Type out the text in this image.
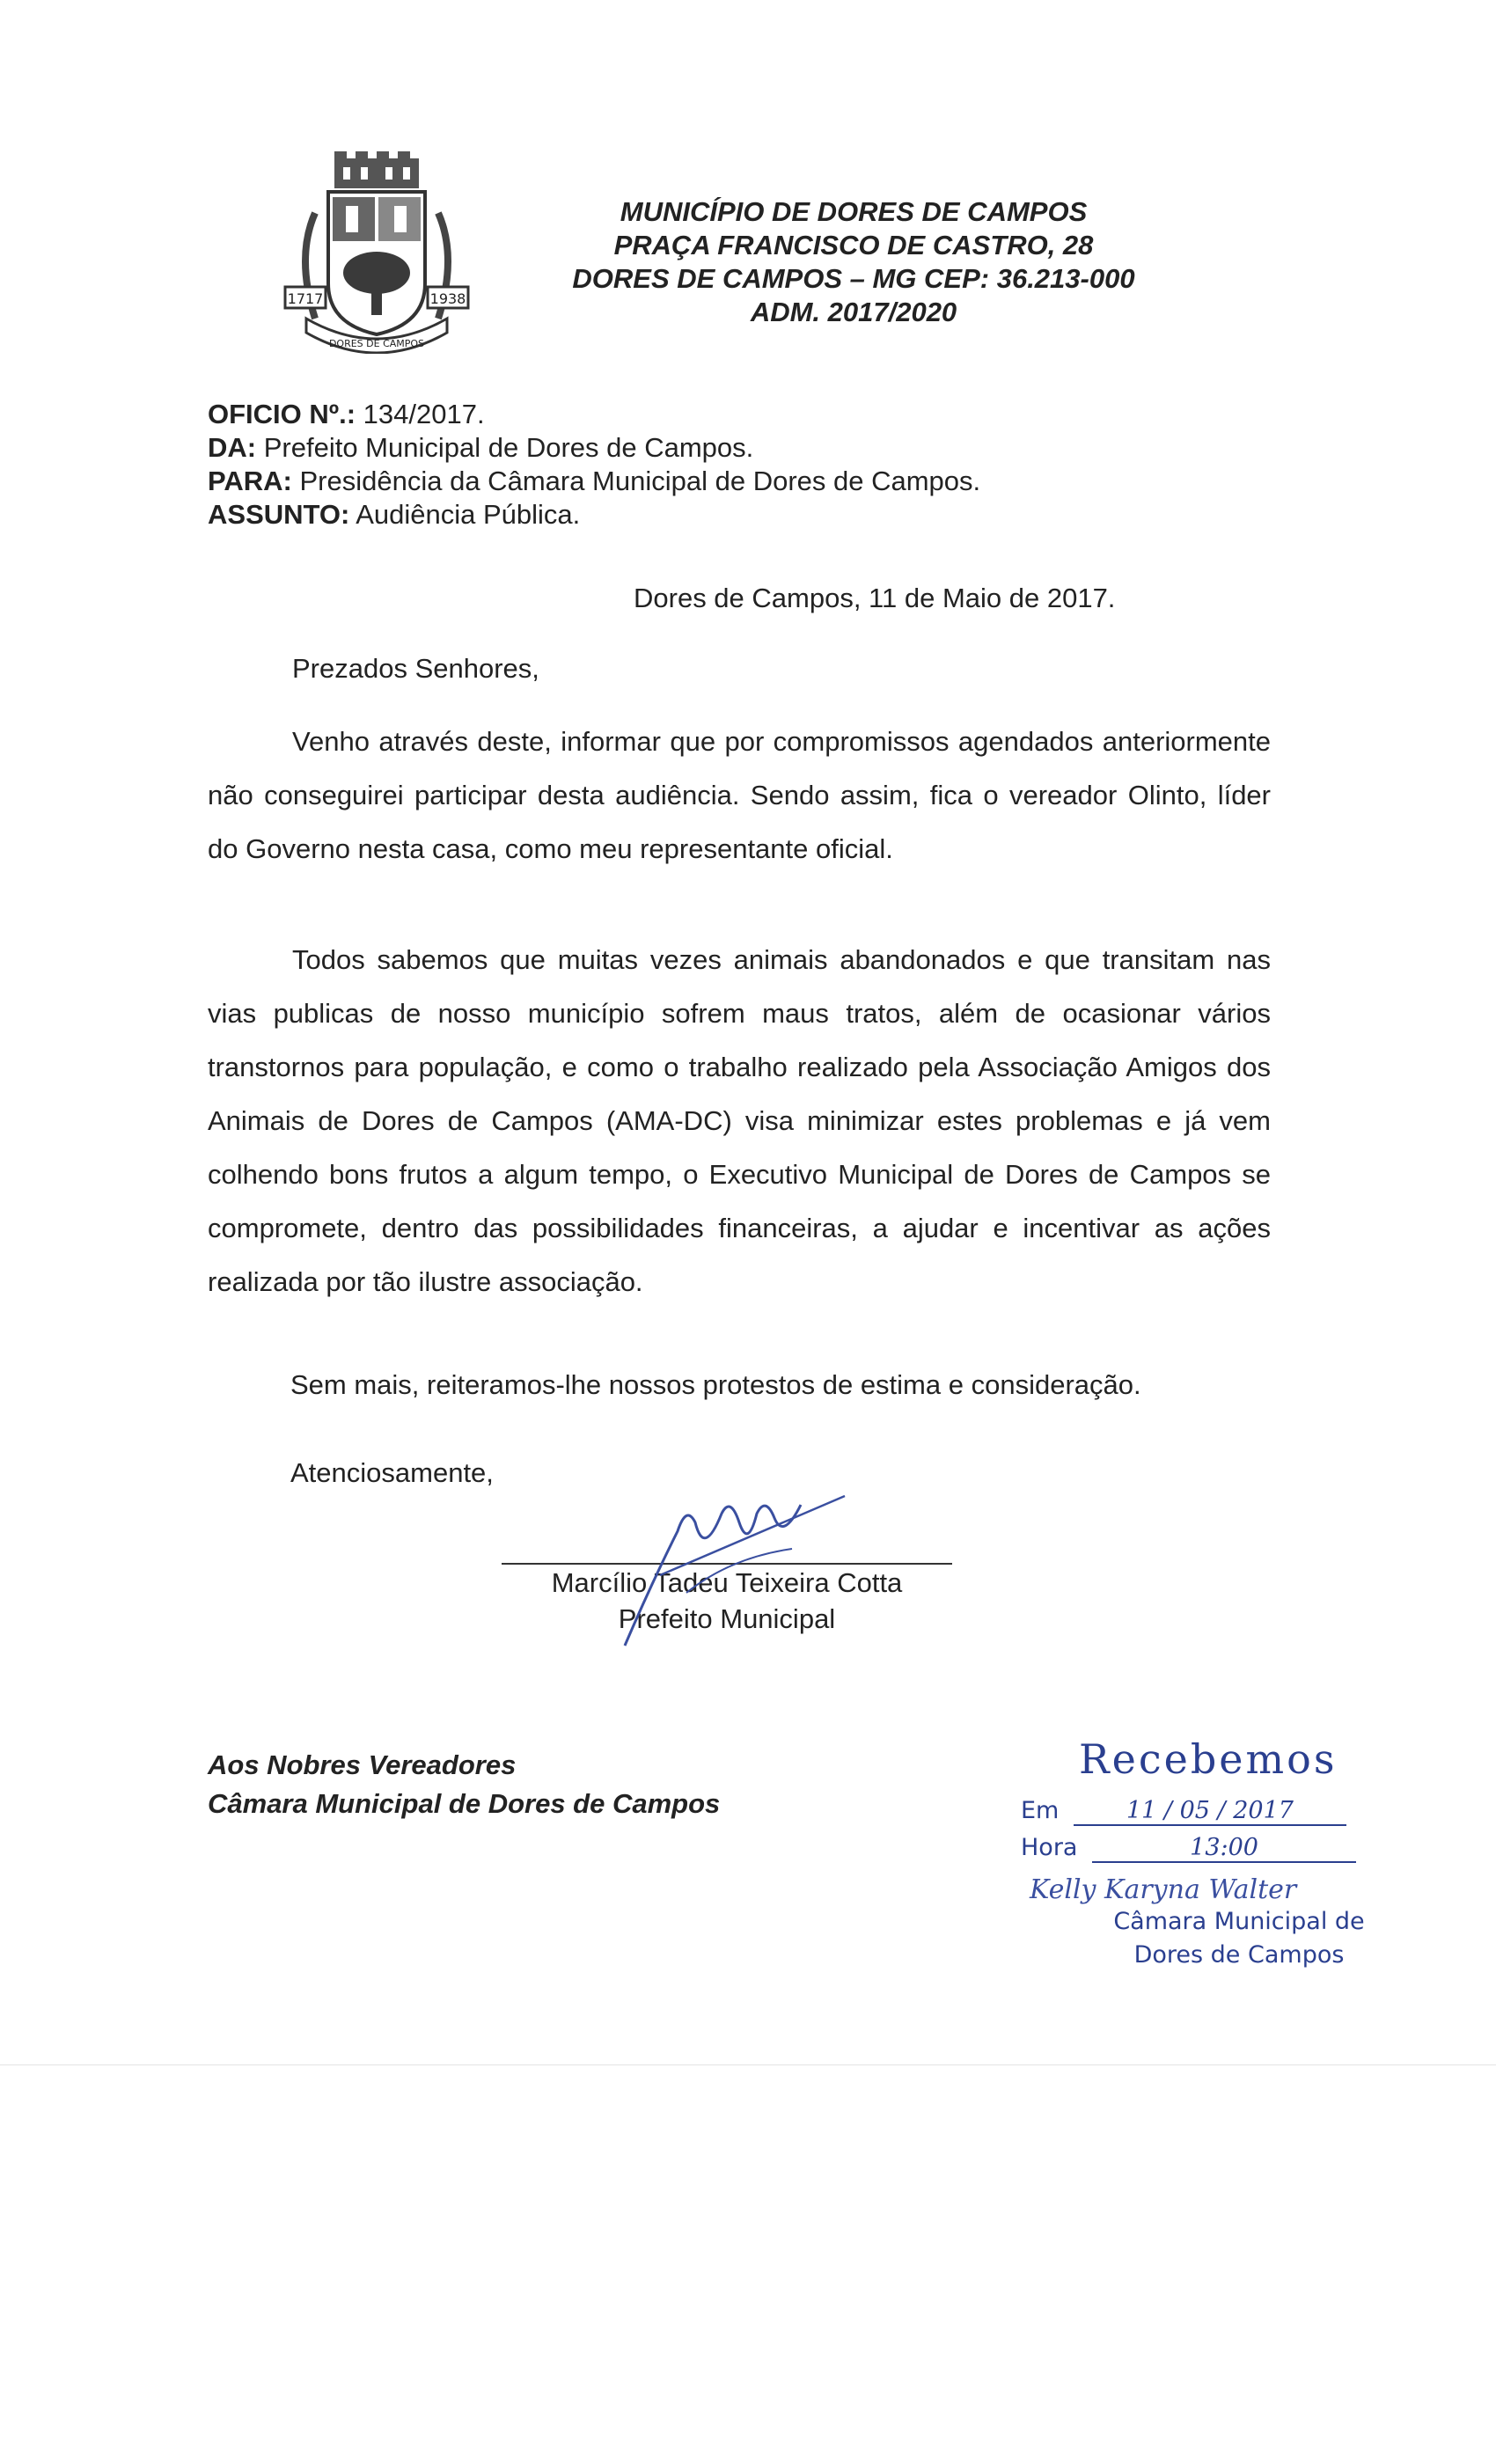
1717	1938
DORES DE CAMPOS
MUNICÍPIO DE DORES DE CAMPOS
PRAÇA FRANCISCO DE CASTRO, 28
DORES DE CAMPOS – MG CEP: 36.213-000
ADM. 2017/2020
OFICIO Nº.: 134/2017.
DA: Prefeito Municipal de Dores de Campos.
PARA: Presidência da Câmara Municipal de Dores de Campos.
ASSUNTO: Audiência Pública.
Dores de Campos, 11 de Maio de 2017.
Prezados Senhores,
Venho através deste, informar que por compromissos agendados anteriormente não conseguirei participar desta audiência. Sendo assim, fica o vereador Olinto, líder do Governo nesta casa, como meu representante oficial.
Todos sabemos que muitas vezes animais abandonados e que transitam nas vias publicas de nosso município sofrem maus tratos, além de ocasionar vários transtornos para população, e como o trabalho realizado pela Associação Amigos dos Animais de Dores de Campos (AMA-DC) visa minimizar estes problemas e já vem colhendo bons frutos a algum tempo, o Executivo Municipal de Dores de Campos se compromete, dentro das possibilidades financeiras, a ajudar e incentivar as ações realizada por tão ilustre associação.
Sem mais, reiteramos-lhe nossos protestos de estima e consideração.
Atenciosamente,
Marcílio Tadeu Teixeira Cotta
Prefeito Municipal
Aos Nobres Vereadores
Câmara Municipal de Dores de Campos
Recebemos
Em	11 / 05 / 2017
Hora	13:00
Kelly Karyna Walter
Câmara Municipal de
Dores de Campos
